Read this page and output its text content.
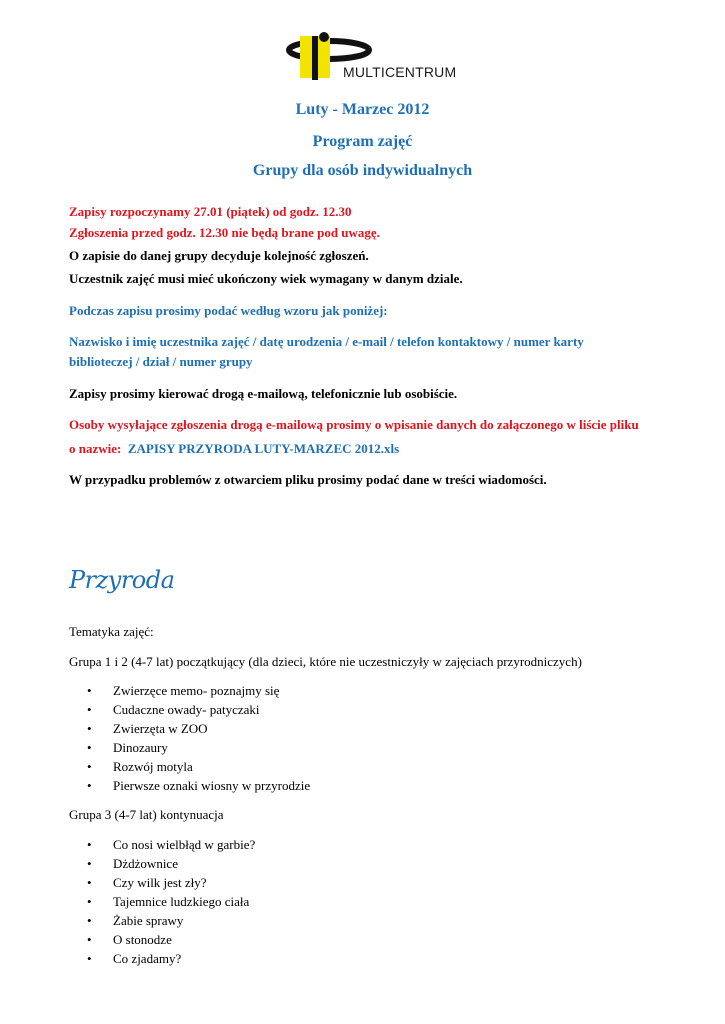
MULTICENTRUM
Luty - Marzec 2012
Program zajęć
Grupy dla osób indywidualnych
Zapisy rozpoczynamy 27.01 (piątek) od godz. 12.30
Zgłoszenia przed godz. 12.30 nie będą brane pod uwagę.
O zapisie do danej grupy decyduje kolejność zgłoszeń.
Uczestnik zajęć musi mieć ukończony wiek wymagany w danym dziale.
Podczas zapisu prosimy podać według wzoru jak poniżej:
Nazwisko i imię uczestnika zajęć / datę urodzenia / e-mail / telefon kontaktowy / numer karty biblioteczej / dział / numer grupy
Zapisy prosimy kierować drogą e-mailową, telefonicznie lub osobiście.
Osoby wysyłające zgłoszenia drogą e-mailową prosimy o wpisanie danych do załączonego w liście pliku
o nazwie: ZAPISY PRZYRODA LUTY-MARZEC 2012.xls
W przypadku problemów z otwarciem pliku prosimy podać dane w treści wiadomości.
Przyroda
Tematyka zajęć:
Grupa 1 i 2 (4-7 lat) początkujący (dla dzieci, które nie uczestniczyły w zajęciach przyrodniczych)
• Zwierzęce memo- poznajmy się
• Cudaczne owady- patyczaki
• Zwierzęta w ZOO
• Dinozaury
• Rozwój motyla
• Pierwsze oznaki wiosny w przyrodzie
Grupa 3 (4-7 lat) kontynuacja
• Co nosi wielbłąd w garbie?
• Dżdżownice
• Czy wilk jest zły?
• Tajemnice ludzkiego ciała
• Żabie sprawy
• O stonodze
• Co zjadamy?
